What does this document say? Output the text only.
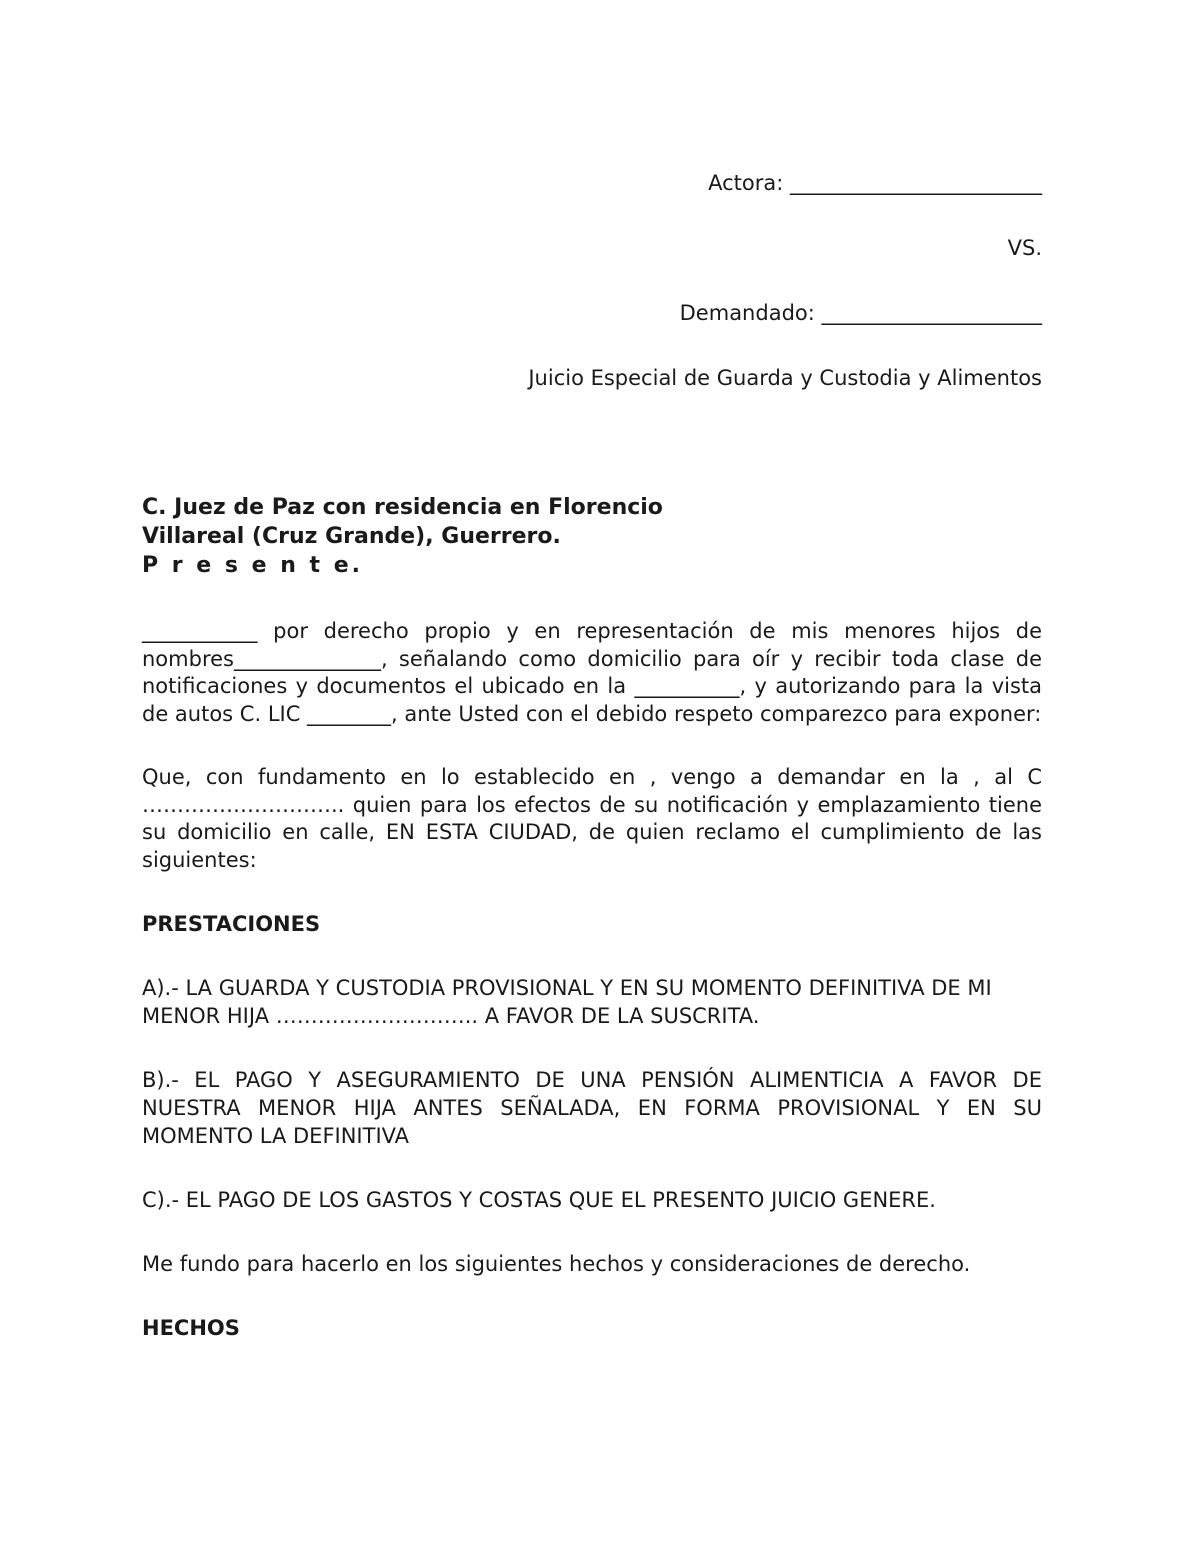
Actora: ________________________

VS.

Demandado: _____________________

Juicio Especial de Guarda y Custodia y Alimentos

C. Juez de Paz con residencia en Florencio
Villareal (Cruz Grande), Guerrero.
P r e s e n t e.

___________ por derecho propio y en representación de mis menores hijos de nombres______________, señalando como domicilio para oír y recibir toda clase de notificaciones y documentos el ubicado en la __________, y autorizando para la vista de autos C. LIC ________, ante Usted con el debido respeto comparezco para exponer:

Que, con fundamento en lo establecido en , vengo a demandar en la , al C ……………………….. quien para los efectos de su notificación y emplazamiento tiene su domicilio en calle, EN ESTA CIUDAD, de quien reclamo el cumplimiento de las siguientes:

PRESTACIONES

A).- LA GUARDA Y CUSTODIA PROVISIONAL Y EN SU MOMENTO DEFINITIVA DE MI MENOR HIJA ……………………….. A FAVOR DE LA SUSCRITA.

B).- EL PAGO Y ASEGURAMIENTO DE UNA PENSIÓN ALIMENTICIA A FAVOR DE NUESTRA MENOR HIJA ANTES SEÑALADA, EN FORMA PROVISIONAL Y EN SU MOMENTO LA DEFINITIVA

C).- EL PAGO DE LOS GASTOS Y COSTAS QUE EL PRESENTO JUICIO GENERE.

Me fundo para hacerlo en los siguientes hechos y consideraciones de derecho.

HECHOS
